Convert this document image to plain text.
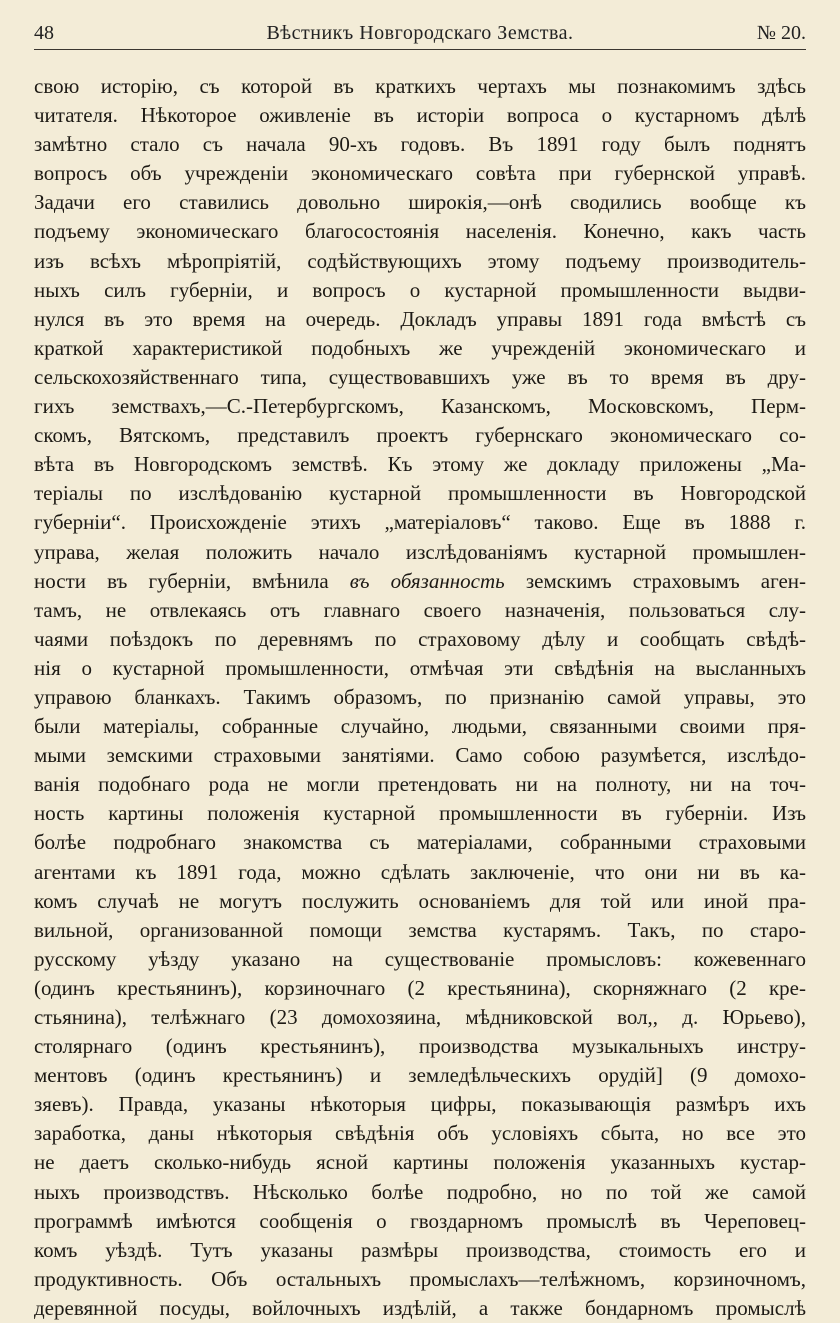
48	Вѣстникъ Новгородскаго Земства.	№ 20.
свою исторію, съ которой въ краткихъ чертахъ мы познакомимъ здѣсь
читателя. Нѣкоторое оживленіе въ исторіи вопроса о кустарномъ дѣлѣ
замѣтно стало съ начала 90-хъ годовъ. Въ 1891 году былъ поднятъ
вопросъ объ учрежденіи экономическаго совѣта при губернской управѣ.
Задачи его ставились довольно широкія,—онѣ сводились вообще къ
подъему экономическаго благосостоянія населенія. Конечно, какъ часть
изъ всѣхъ мѣропріятій, содѣйствующихъ этому подъему производитель-
ныхъ силъ губерніи, и вопросъ о кустарной промышленности выдви-
нулся въ это время на очередь. Докладъ управы 1891 года вмѣстѣ съ
краткой характеристикой подобныхъ же учрежденій экономическаго и
сельскохозяйственнаго типа, существовавшихъ уже въ то время въ дру-
гихъ земствахъ,—С.-Петербургскомъ, Казанскомъ, Московскомъ, Перм-
скомъ, Вятскомъ, представилъ проектъ губернскаго экономическаго со-
вѣта въ Новгородскомъ земствѣ. Къ этому же докладу приложены „Ма-
теріалы по изслѣдованію кустарной промышленности въ Новгородской
губерніи“. Происхожденіе этихъ „матеріаловъ“ таково. Еще въ 1888 г.
управа, желая положить начало изслѣдованіямъ кустарной промышлен-
ности въ губерніи, вмѣнила въ обязанность земскимъ страховымъ аген-
тамъ, не отвлекаясь отъ главнаго своего назначенія, пользоваться слу-
чаями поѣздокъ по деревнямъ по страховому дѣлу и сообщать свѣдѣ-
нія о кустарной промышленности, отмѣчая эти свѣдѣнія на высланныхъ
управою бланкахъ. Такимъ образомъ, по признанію самой управы, это
были матеріалы, собранные случайно, людьми, связанными своими пря-
мыми земскими страховыми занятіями. Само собою разумѣется, изслѣдо-
ванія подобнаго рода не могли претендовать ни на полноту, ни на точ-
ность картины положенія кустарной промышленности въ губерніи. Изъ
болѣе подробнаго знакомства съ матеріалами, собранными страховыми
агентами къ 1891 года, можно сдѣлать заключеніе, что они ни въ ка-
комъ случаѣ не могутъ послужить основаніемъ для той или иной пра-
вильной, организованной помощи земства кустарямъ. Такъ, по старо-
русскому уѣзду указано на существованіе промысловъ: кожевеннаго
(одинъ крестьянинъ), корзиночнаго (2 крестьянина), скорняжнаго (2 кре-
стьянина), телѣжнаго (23 домохозяина, мѣдниковской вол,, д. Юрьево),
столярнаго (одинъ крестьянинъ), производства музыкальныхъ инстру-
ментовъ (одинъ крестьянинъ) и земледѣльческихъ орудій] (9 домохо-
зяевъ). Правда, указаны нѣкоторыя цифры, показывающія размѣръ ихъ
заработка, даны нѣкоторыя свѣдѣнія объ условіяхъ сбыта, но все это
не даетъ сколько-нибудь ясной картины положенія указанныхъ кустар-
ныхъ производствъ. Нѣсколько болѣе подробно, но по той же самой
программѣ имѣются сообщенія о гвоздарномъ промыслѣ въ Череповец-
комъ уѣздѣ. Тутъ указаны размѣры производства, стоимость его и
продуктивность. Объ остальныхъ промыслахъ—телѣжномъ, корзиночномъ,
деревянной посуды, войлочныхъ издѣлій, а также бондарномъ промыслѣ
